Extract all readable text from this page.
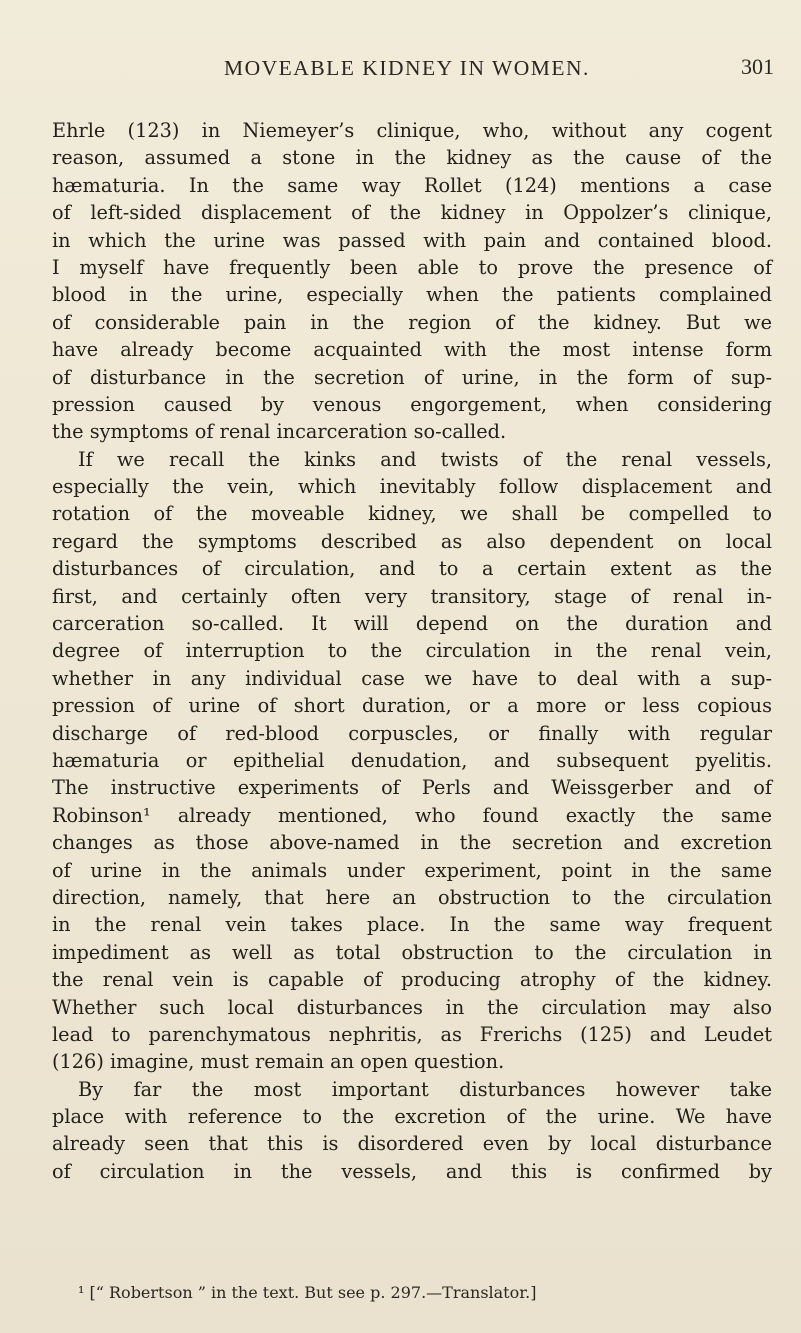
MOVEABLE KIDNEY IN WOMEN.	301
Ehrle (123) in Niemeyer’s clinique, who, without any cogent
reason, assumed a stone in the kidney as the cause of the
hæmaturia. In the same way Rollet (124) mentions a case
of left-sided displacement of the kidney in Oppolzer’s clinique,
in which the urine was passed with pain and contained blood.
I myself have frequently been able to prove the presence of
blood in the urine, especially when the patients complained
of considerable pain in the region of the kidney. But we
have already become acquainted with the most intense form
of disturbance in the secretion of urine, in the form of sup-
pression caused by venous engorgement, when considering
the symptoms of renal incarceration so-called.
If we recall the kinks and twists of the renal vessels,
especially the vein, which inevitably follow displacement and
rotation of the moveable kidney, we shall be compelled to
regard the symptoms described as also dependent on local
disturbances of circulation, and to a certain extent as the
first, and certainly often very transitory, stage of renal in-
carceration so-called. It will depend on the duration and
degree of interruption to the circulation in the renal vein,
whether in any individual case we have to deal with a sup-
pression of urine of short duration, or a more or less copious
discharge of red-blood corpuscles, or finally with regular
hæmaturia or epithelial denudation, and subsequent pyelitis.
The instructive experiments of Perls and Weissgerber and of
Robinson¹ already mentioned, who found exactly the same
changes as those above-named in the secretion and excretion
of urine in the animals under experiment, point in the same
direction, namely, that here an obstruction to the circulation
in the renal vein takes place. In the same way frequent
impediment as well as total obstruction to the circulation in
the renal vein is capable of producing atrophy of the kidney.
Whether such local disturbances in the circulation may also
lead to parenchymatous nephritis, as Frerichs (125) and Leudet
(126) imagine, must remain an open question.
By far the most important disturbances however take
place with reference to the excretion of the urine. We have
already seen that this is disordered even by local disturbance
of circulation in the vessels, and this is confirmed by
¹ [“ Robertson ” in the text. But see p. 297.—Translator.]
